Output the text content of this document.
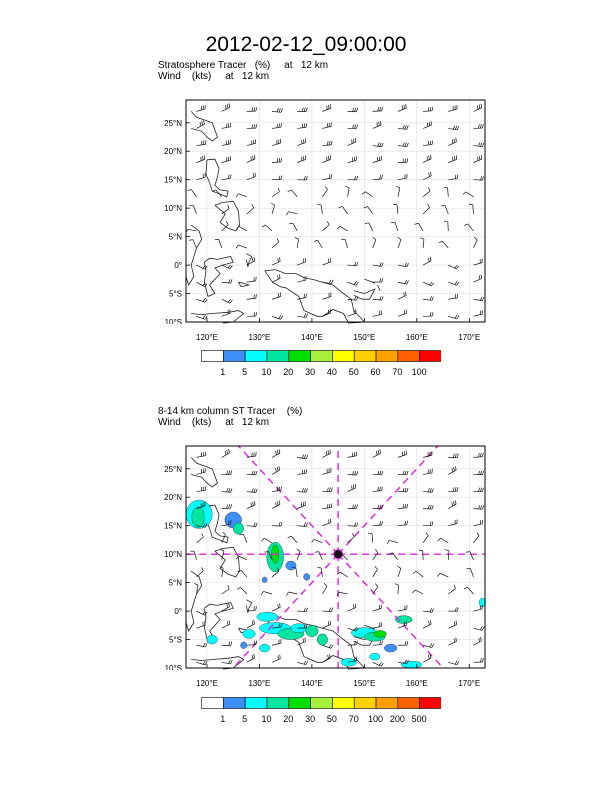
2012-02-12_09:00:00
Stratosphere Tracer   (%)     at   12 km
Wind    (kts)     at   12 km
25°N
20°N
15°N
10°N
5°N
0°
5°S
10°S
1 5 10 20 30 40 50 60 70 100
8-14 km column ST Tracer    (%)
Wind    (kts)     at   12 km
25°N
20°N
15°N
10°N
5°N
0°
5°S
10°S
1 5 10 20 30 50 70 100 200 500
120°E	130°E	140°E	150°E	160°E	170°E
120°E	130°E	140°E	150°E	160°E	170°E
